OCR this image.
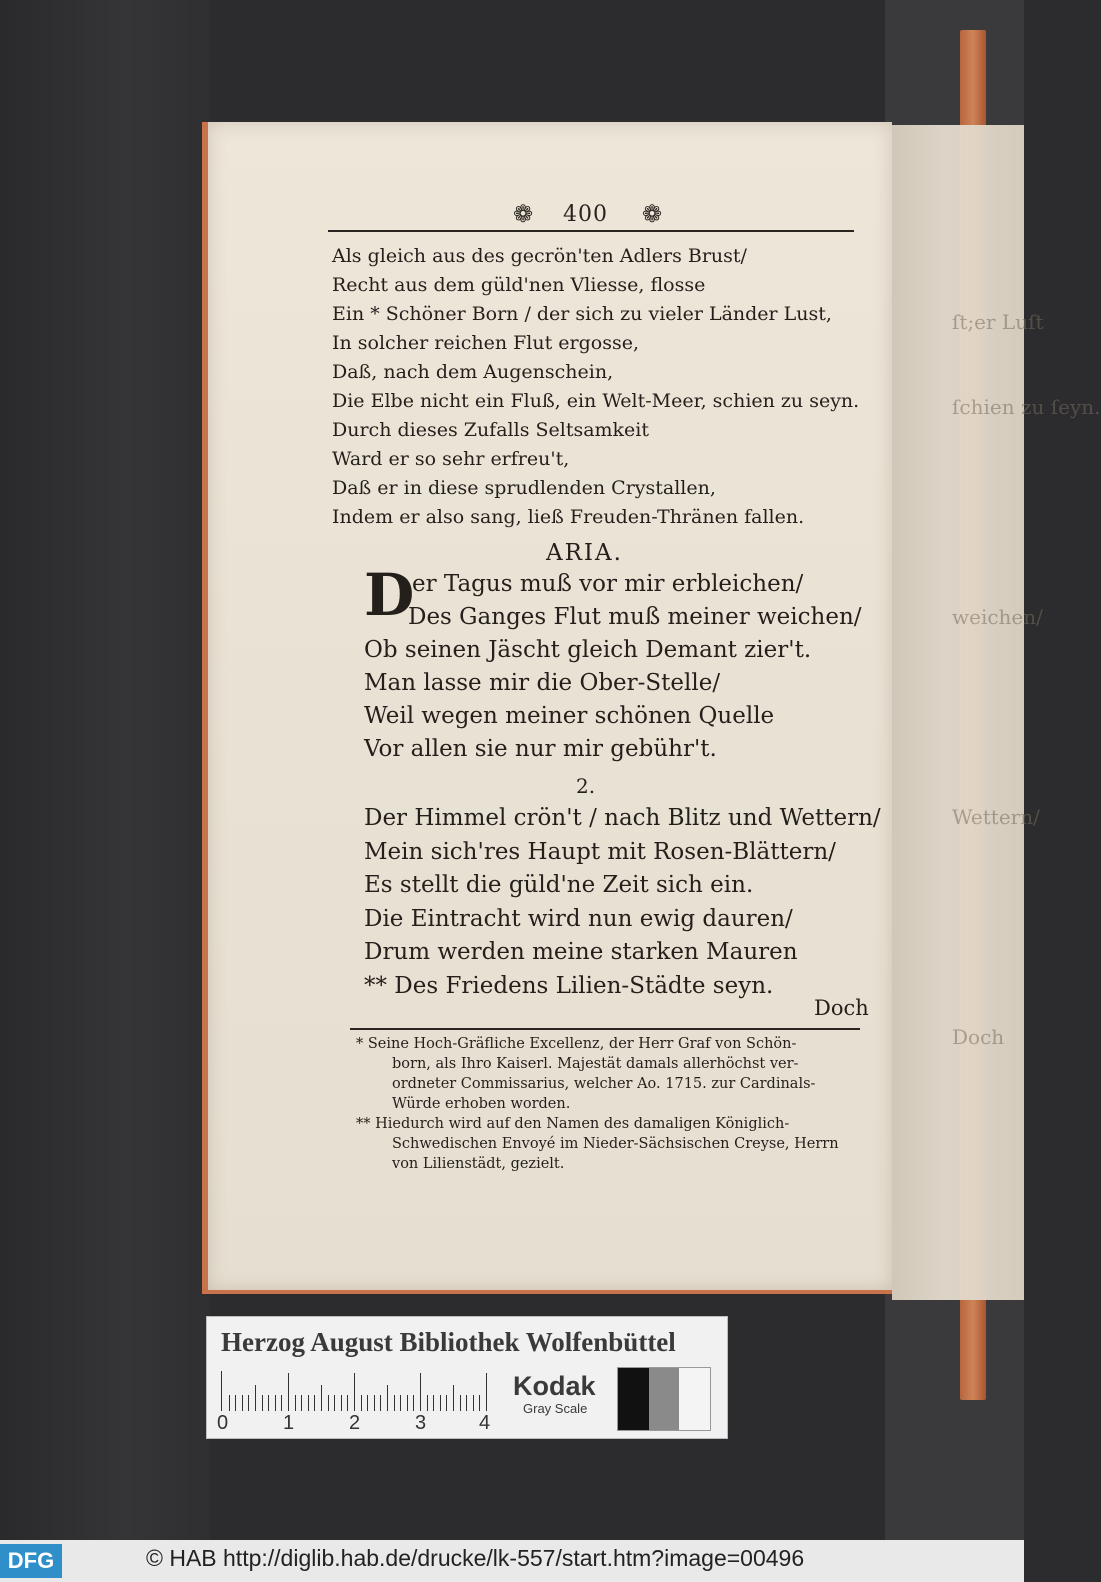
ſt;er Luſt
ſchien zu ſeyn.
weichen/
Wettern/
Doch
❁ 400 ❁
Als gleich aus des gecrön'ten Adlers Brust/
Recht aus dem güld'nen Vliesse, flosse
Ein * Schöner Born / der sich zu vieler Länder Lust,
In solcher reichen Flut ergosse,
Daß, nach dem Augenschein,
Die Elbe nicht ein Fluß, ein Welt-Meer, schien zu seyn.
Durch dieses Zufalls Seltsamkeit
Ward er so sehr erfreu't,
Daß er in diese sprudlenden Crystallen,
Indem er also sang, ließ Freuden-Thränen fallen.
ARIA.
D
er Tagus muß vor mir erbleichen/
Des Ganges Flut muß meiner weichen/
Ob seinen Jäscht gleich Demant zier't.
Man lasse mir die Ober-Stelle/
Weil wegen meiner schönen Quelle
Vor allen sie nur mir gebühr't.
2.
Der Himmel crön't / nach Blitz und Wettern/
Mein sich'res Haupt mit Rosen-Blättern/
Es stellt die güld'ne Zeit sich ein.
Die Eintracht wird nun ewig dauren/
Drum werden meine starken Mauren
** Des Friedens Lilien-Städte seyn.
Doch
* Seine Hoch-Gräfliche Excellenz, der Herr Graf von Schön-
born, als Ihro Kaiserl. Majestät damals allerhöchst ver-
ordneter Commissarius, welcher Ao. 1715. zur Cardinals-
Würde erhoben worden.
** Hiedurch wird auf den Namen des damaligen Königlich-
Schwedischen Envoyé im Nieder-Sächsischen Creyse, Herrn
von Lilienstädt, gezielt.
Herzog August Bibliothek Wolfenbüttel
0	1	2	3	4
Kodak
Gray Scale
DFG	© HAB http://diglib.hab.de/drucke/lk-557/start.htm?image=00496
